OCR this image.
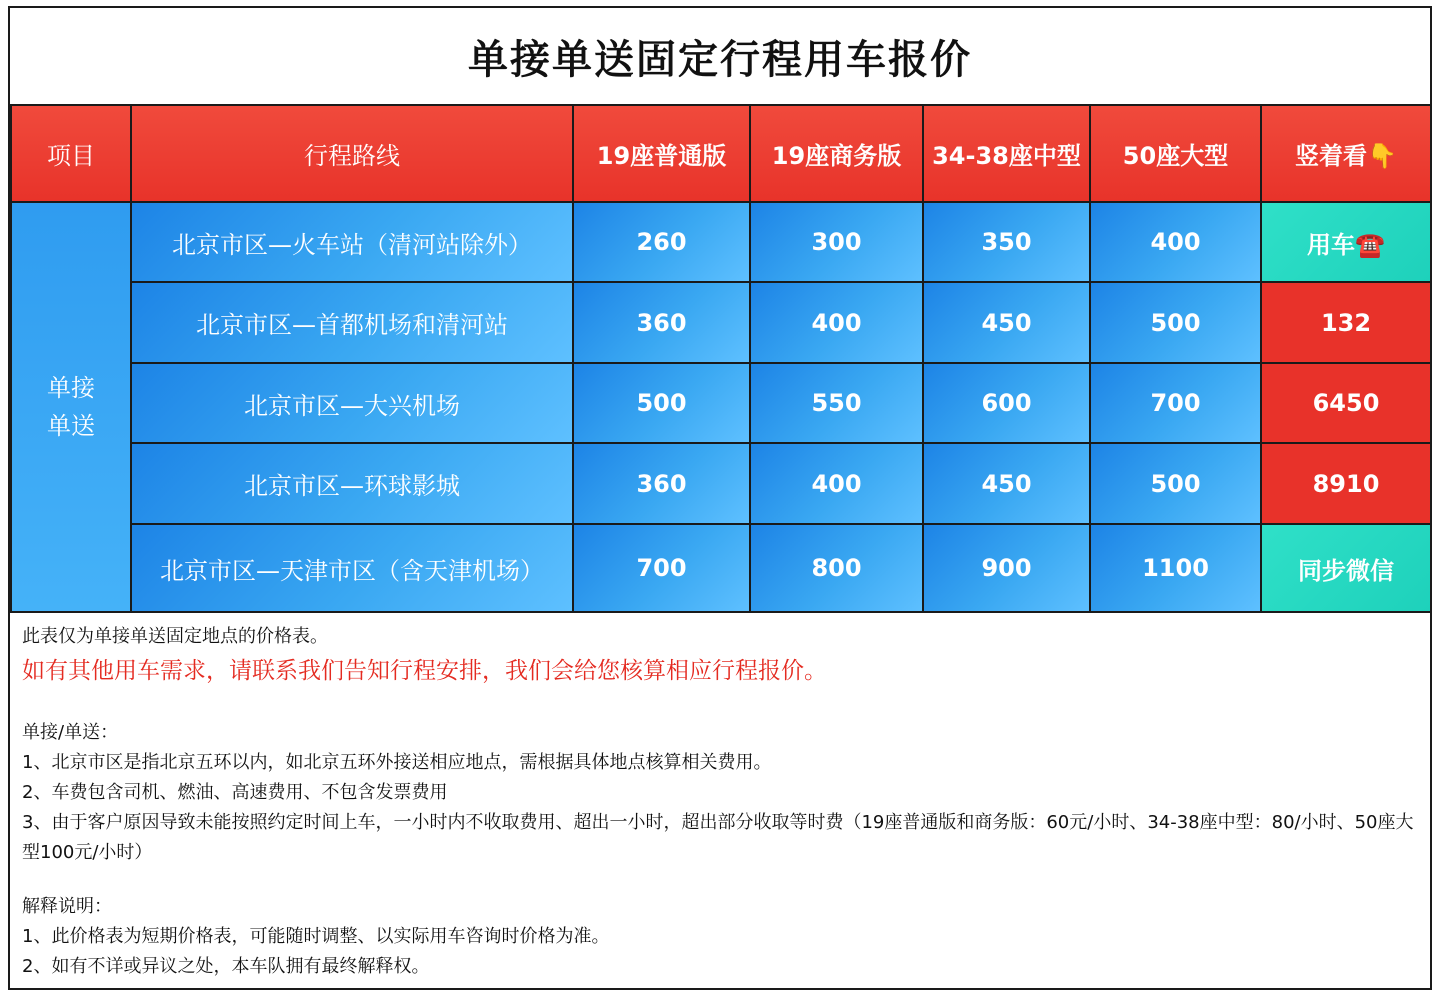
单接单送固定行程用车报价
项目	行程路线	19座普通版	19座商务版	34-38座中型	50座大型	竖着看👇
单接
单送	北京市区—火车站（清河站除外）	260	300	350	400	用车☎️
	北京市区—首都机场和清河站	360	400	450	500	132
	北京市区—大兴机场	500	550	600	700	6450
	北京市区—环球影城	360	400	450	500	8910
	北京市区—天津市区（含天津机场）	700	800	900	1100	同步微信

此表仅为单接单送固定地点的价格表。

如有其他用车需求，请联系我们告知行程安排，我们会给您核算相应行程报价。

单接/单送：

1、北京市区是指北京五环以内，如北京五环外接送相应地点，需根据具体地点核算相关费用。

2、车费包含司机、燃油、高速费用、不包含发票费用

3、由于客户原因导致未能按照约定时间上车，一小时内不收取费用、超出一小时，超出部分收取等时费（19座普通版和商务版：60元/小时、34-38座中型：80/小时、50座大型100元/小时）

解释说明：

1、此价格表为短期价格表，可能随时调整、以实际用车咨询时价格为准。

2、如有不详或异议之处，本车队拥有最终解释权。
